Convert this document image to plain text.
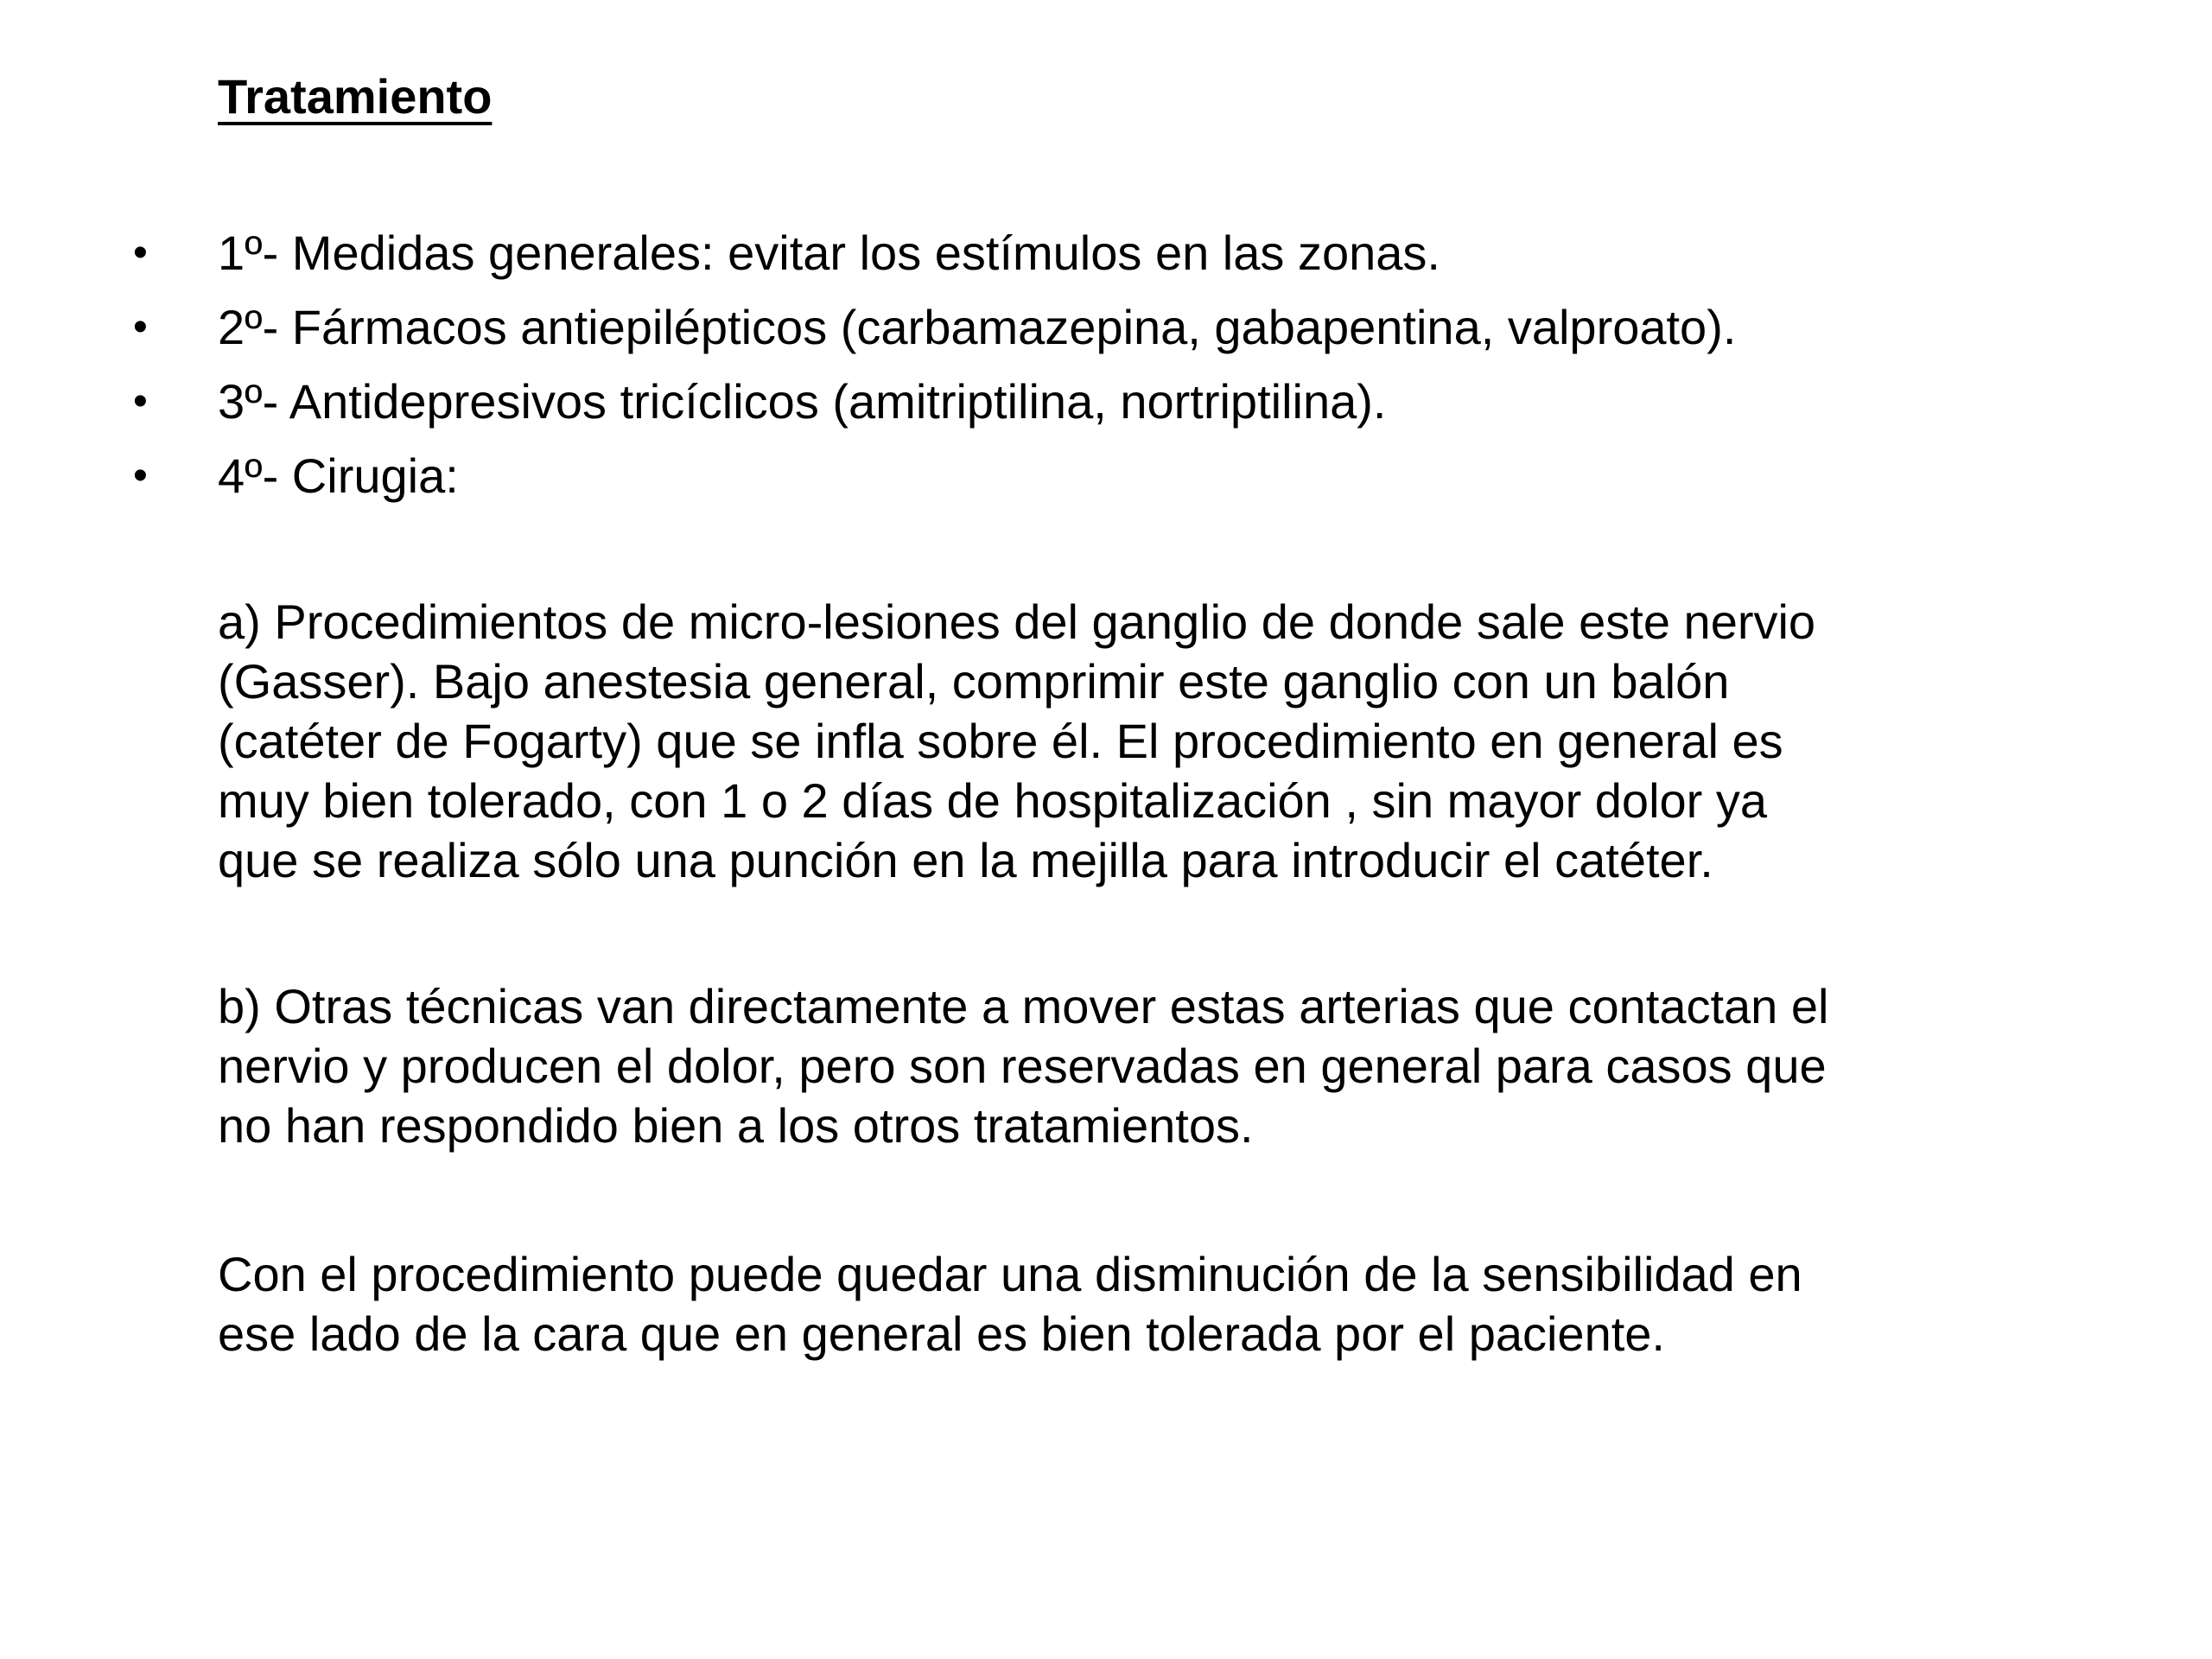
Tratamiento
• 1º- Medidas generales: evitar los estímulos en las zonas.
• 2º- Fármacos antiepilépticos (carbamazepina, gabapentina, valproato).
• 3º- Antidepresivos tricíclicos (amitriptilina, nortriptilina).
• 4º- Cirugia:

a) Procedimientos de micro-lesiones del ganglio de donde sale este nervio
(Gasser). Bajo anestesia general, comprimir este ganglio con un balón
(catéter de Fogarty) que se infla sobre él. El procedimiento en general es
muy bien tolerado, con 1 o 2 días de hospitalización , sin mayor dolor ya
que se realiza sólo una punción en la mejilla para introducir el catéter.

b) Otras técnicas van directamente a mover estas arterias que contactan el
nervio y producen el dolor, pero son reservadas en general para casos que
no han respondido bien a los otros tratamientos.

Con el procedimiento puede quedar una disminución de la sensibilidad en
ese lado de la cara que en general es bien tolerada por el paciente.
